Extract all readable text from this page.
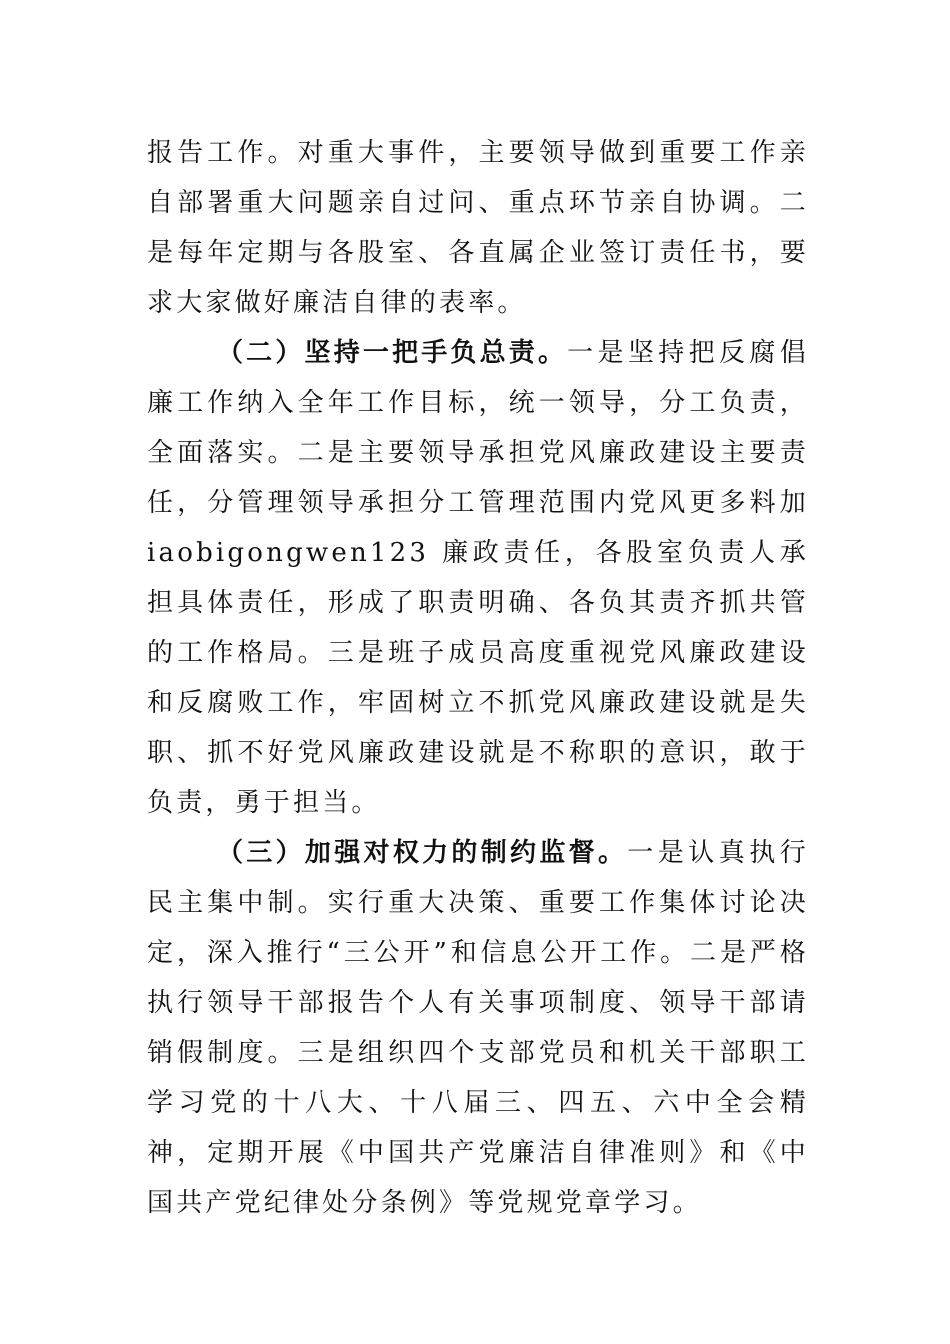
报告工作。对重大事件，主要领导做到重要工作亲自部署重大问题亲自过问、重点环节亲自协调。二是每年定期与各股室、各直属企业签订责任书，要求大家做好廉洁自律的表率。

（二）坚持一把手负总责。一是坚持把反腐倡廉工作纳入全年工作目标，统一领导，分工负责，全面落实。二是主要领导承担党风廉政建设主要责任，分管理领导承担分工管理范围内党风更多料加 iaobigongwen123 廉政责任，各股室负责人承担具体责任，形成了职责明确、各负其责齐抓共管的工作格局。三是班子成员高度重视党风廉政建设和反腐败工作，牢固树立不抓党风廉政建设就是失职、抓不好党风廉政建设就是不称职的意识，敢于负责，勇于担当。

（三）加强对权力的制约监督。一是认真执行民主集中制。实行重大决策、重要工作集体讨论决定，深入推行“三公开”和信息公开工作。二是严格执行领导干部报告个人有关事项制度、领导干部请销假制度。三是组织四个支部党员和机关干部职工学习党的十八大、十八届三、四五、六中全会精神，定期开展《中国共产党廉洁自律准则》和《中国共产党纪律处分条例》等党规党章学习。
